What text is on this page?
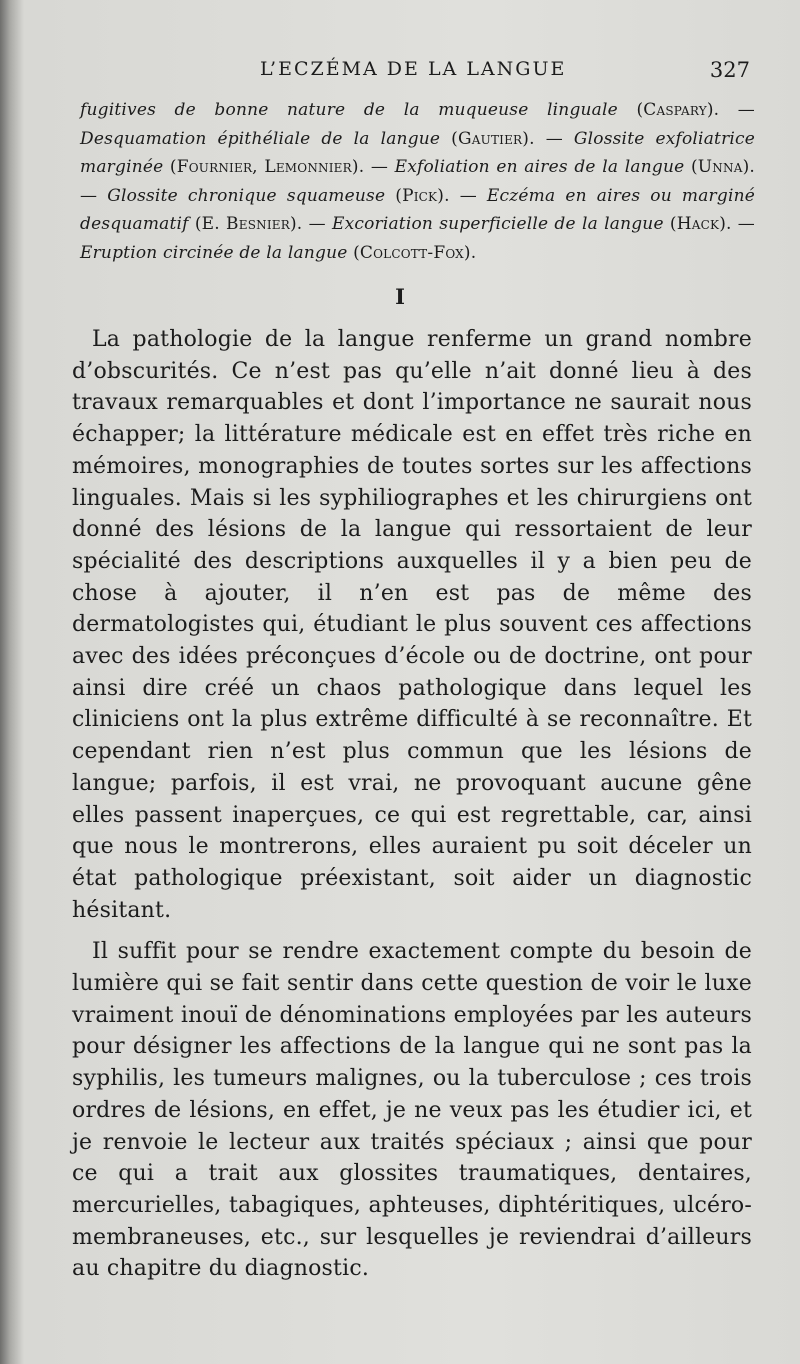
L’ECZÉMA DE LA LANGUE	327
fugitives de bonne nature de la muqueuse linguale (Caspary). — Desquamation épithéliale de la langue (Gautier). — Glossite exfoliatrice marginée (Fournier, Lemonnier). — Exfoliation en aires de la langue (Unna). — Glossite chronique squameuse (Pick). — Eczéma en aires ou marginé desquamatif (E. Besnier). — Excoriation superficielle de la langue (Hack). — Eruption circinée de la langue (Colcott-Fox).
I

La pathologie de la langue renferme un grand nombre d’obscurités. Ce n’est pas qu’elle n’ait donné lieu à des travaux remarquables et dont l’importance ne saurait nous échapper; la littérature médicale est en effet très riche en mémoires, monographies de toutes sortes sur les affections linguales. Mais si les syphiliographes et les chirurgiens ont donné des lésions de la langue qui ressortaient de leur spécialité des descriptions auxquelles il y a bien peu de chose à ajouter, il n’en est pas de même des dermatologistes qui, étudiant le plus souvent ces affections avec des idées préconçues d’école ou de doctrine, ont pour ainsi dire créé un chaos pathologique dans lequel les cliniciens ont la plus extrême difficulté à se reconnaître. Et cependant rien n’est plus commun que les lésions de langue; parfois, il est vrai, ne provoquant aucune gêne elles passent inaperçues, ce qui est regrettable, car, ainsi que nous le montrerons, elles auraient pu soit déceler un état pathologique préexistant, soit aider un diagnostic hésitant.

Il suffit pour se rendre exactement compte du besoin de lumière qui se fait sentir dans cette question de voir le luxe vraiment inouï de dénominations employées par les auteurs pour désigner les affections de la langue qui ne sont pas la syphilis, les tumeurs malignes, ou la tuberculose ; ces trois ordres de lésions, en effet, je ne veux pas les étudier ici, et je renvoie le lecteur aux traités spéciaux ; ainsi que pour ce qui a trait aux glossites traumatiques, dentaires, mercurielles, tabagiques, aphteuses, diphtéritiques, ulcéro-membraneuses, etc., sur lesquelles je reviendrai d’ailleurs au chapitre du diagnostic.
